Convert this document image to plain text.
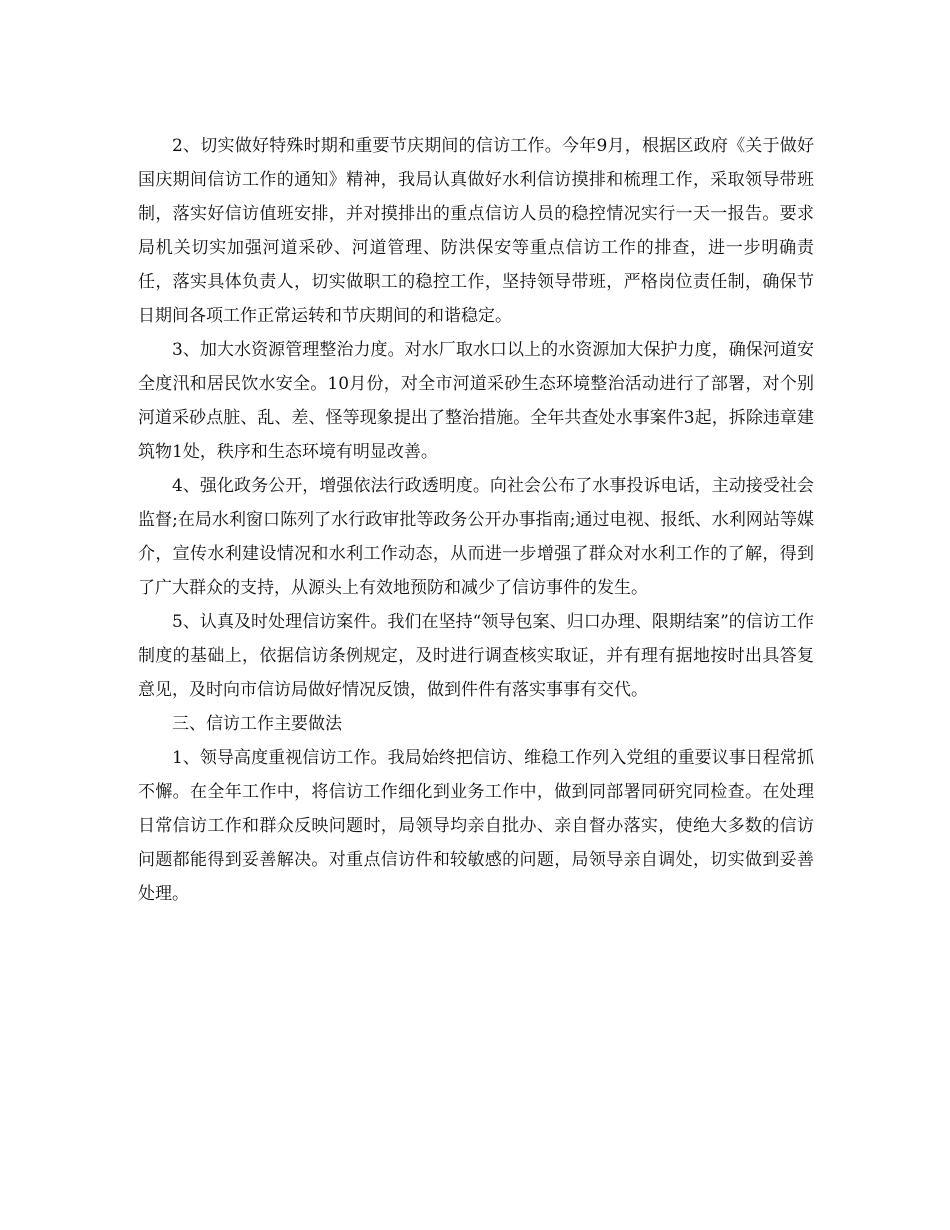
2、切实做好特殊时期和重要节庆期间的信访工作。今年9月，根据区政府《关于做好国庆期间信访工作的通知》精神，我局认真做好水利信访摸排和梳理工作，采取领导带班制，落实好信访值班安排，并对摸排出的重点信访人员的稳控情况实行一天一报告。要求局机关切实加强河道采砂、河道管理、防洪保安等重点信访工作的排查，进一步明确责任，落实具体负责人，切实做职工的稳控工作，坚持领导带班，严格岗位责任制，确保节日期间各项工作正常运转和节庆期间的和谐稳定。

3、加大水资源管理整治力度。对水厂取水口以上的水资源加大保护力度，确保河道安全度汛和居民饮水安全。10月份，对全市河道采砂生态环境整治活动进行了部署，对个别河道采砂点脏、乱、差、怪等现象提出了整治措施。全年共查处水事案件3起，拆除违章建筑物1处，秩序和生态环境有明显改善。

4、强化政务公开，增强依法行政透明度。向社会公布了水事投诉电话，主动接受社会监督;在局水利窗口陈列了水行政审批等政务公开办事指南;通过电视、报纸、水利网站等媒介，宣传水利建设情况和水利工作动态，从而进一步增强了群众对水利工作的了解，得到了广大群众的支持，从源头上有效地预防和减少了信访事件的发生。

5、认真及时处理信访案件。我们在坚持“领导包案、归口办理、限期结案”的信访工作制度的基础上，依据信访条例规定，及时进行调查核实取证，并有理有据地按时出具答复意见，及时向市信访局做好情况反馈，做到件件有落实事事有交代。

三、信访工作主要做法

1、领导高度重视信访工作。我局始终把信访、维稳工作列入党组的重要议事日程常抓不懈。在全年工作中，将信访工作细化到业务工作中，做到同部署同研究同检查。在处理日常信访工作和群众反映问题时，局领导均亲自批办、亲自督办落实，使绝大多数的信访问题都能得到妥善解决。对重点信访件和较敏感的问题，局领导亲自调处，切实做到妥善处理。
